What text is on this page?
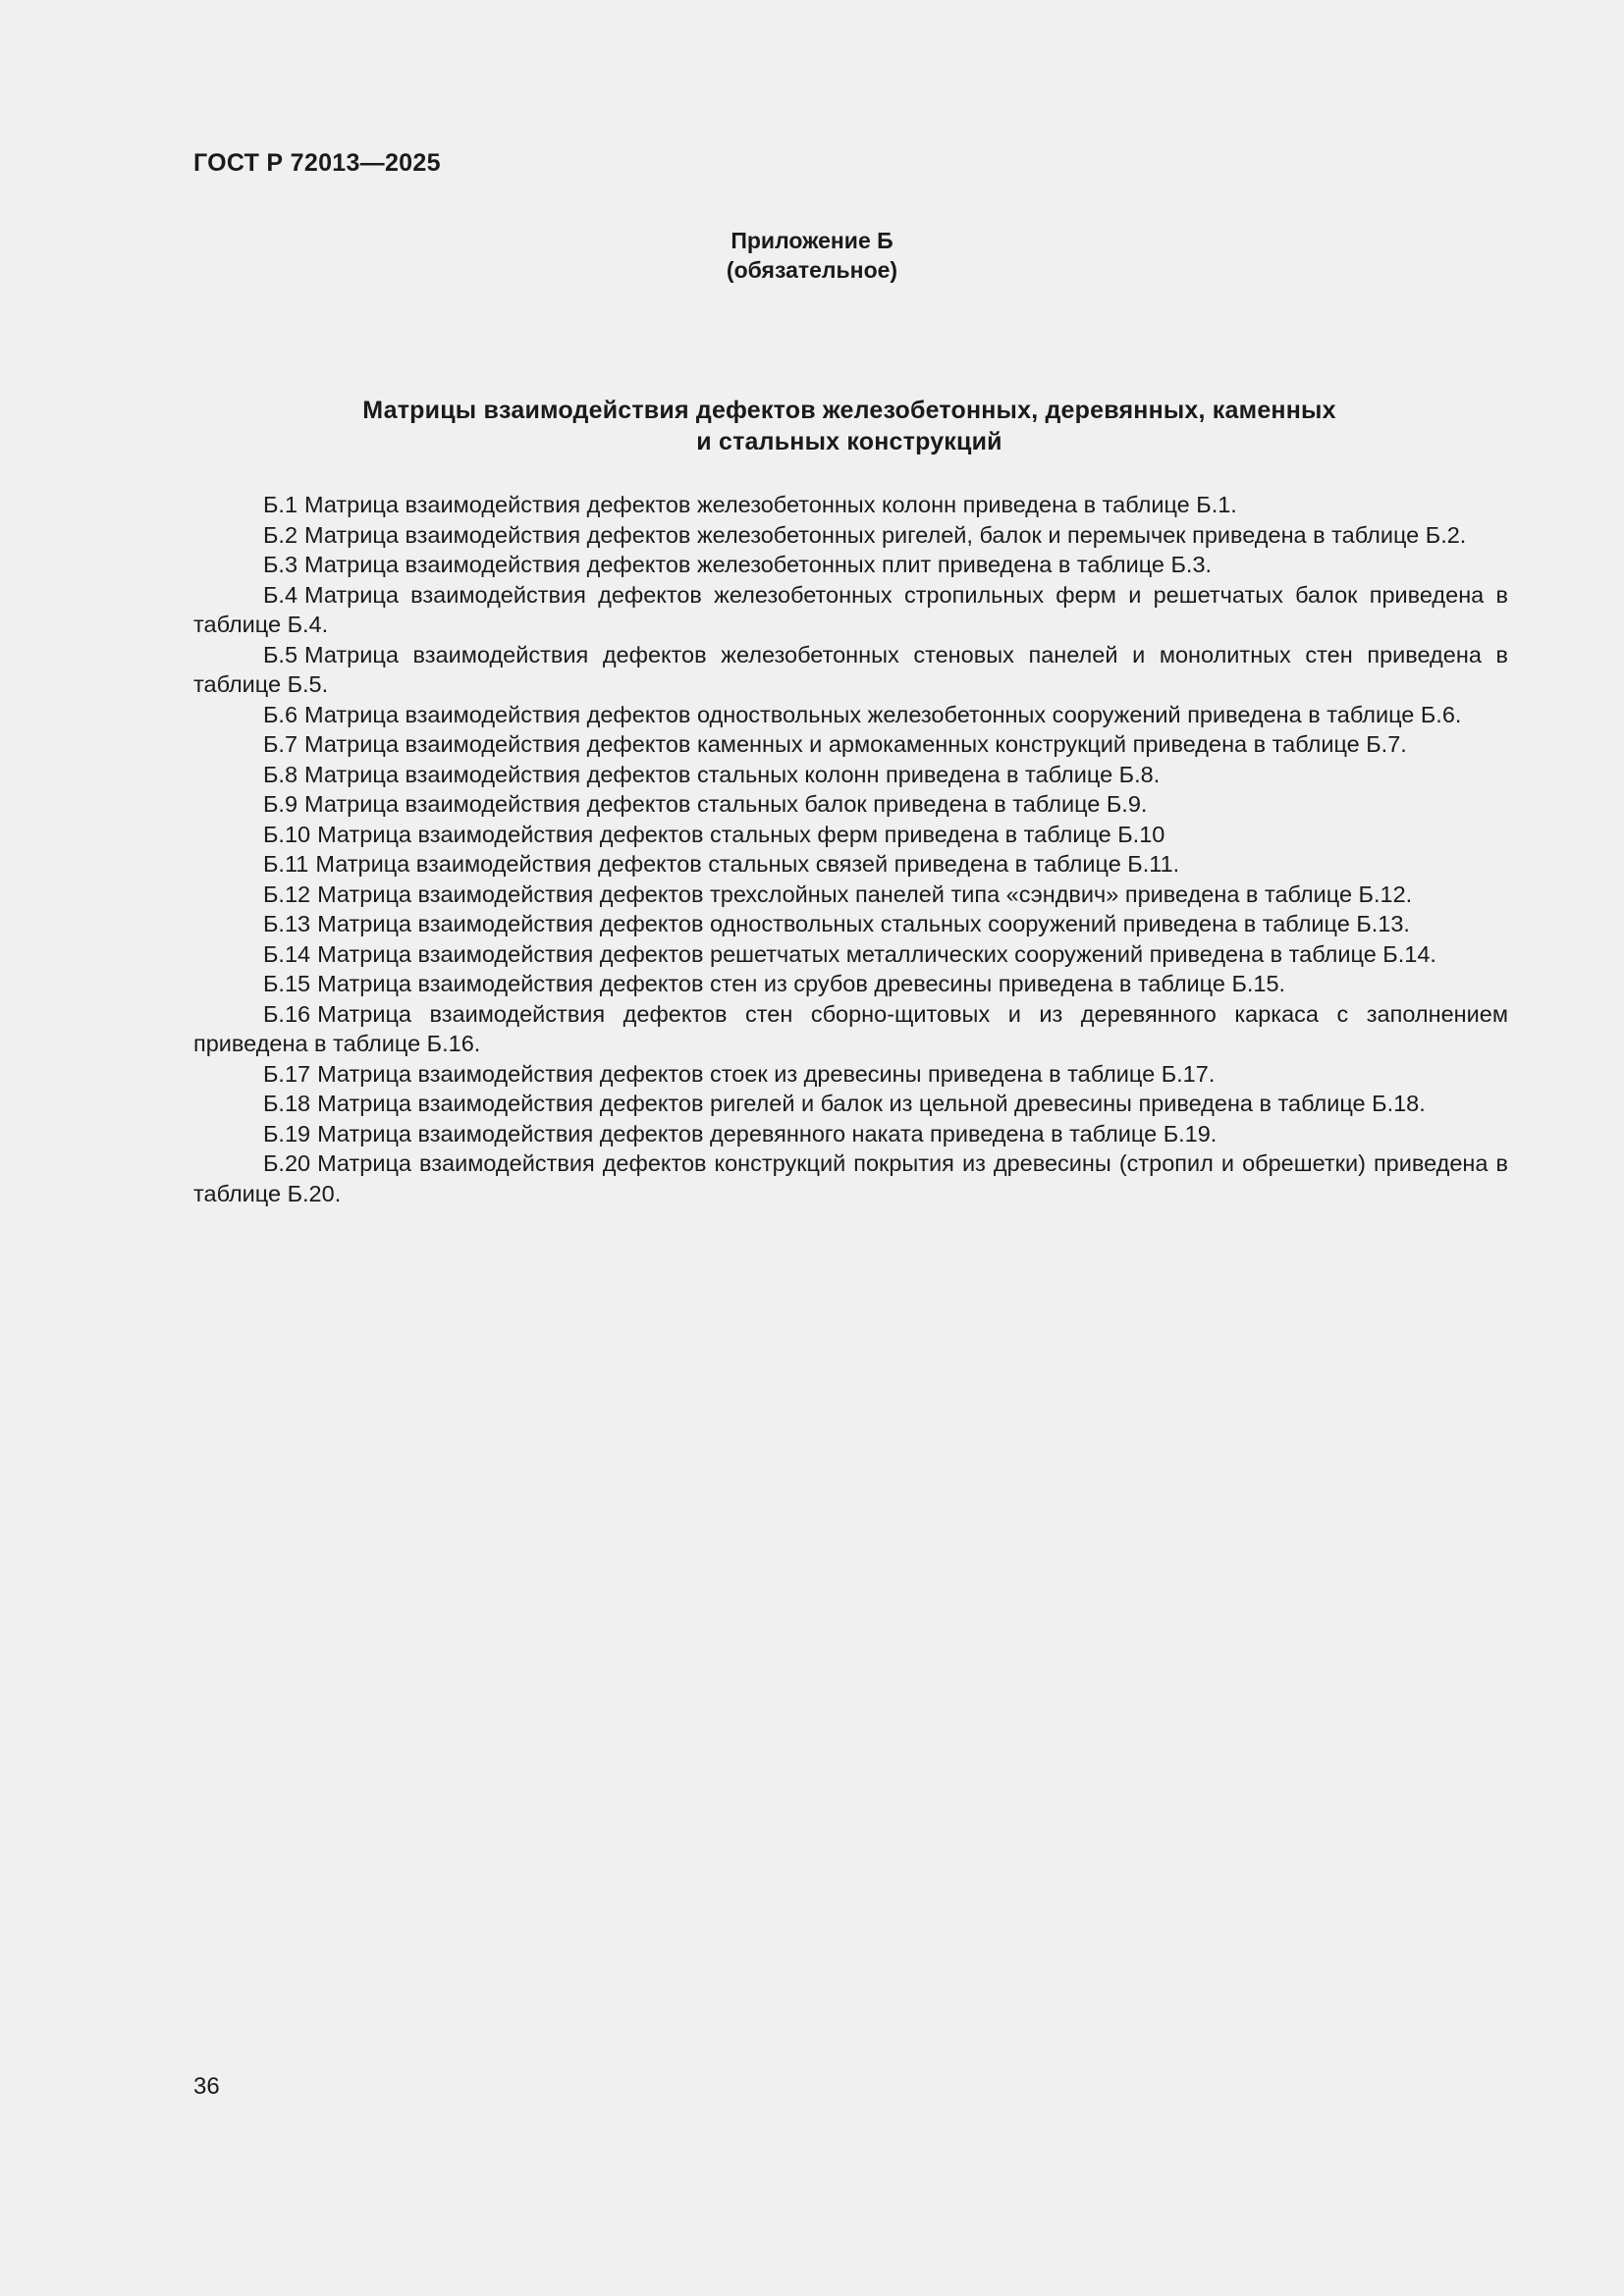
ГОСТ Р 72013—2025
Приложение Б
(обязательное)
Матрицы взаимодействия дефектов железобетонных, деревянных, каменных
и стальных конструкций

Б.1 Матрица взаимодействия дефектов железобетонных колонн приведена в таблице Б.1.

Б.2 Матрица взаимодействия дефектов железобетонных ригелей, балок и перемычек приведена в таблице Б.2.

Б.3 Матрица взаимодействия дефектов железобетонных плит приведена в таблице Б.3.

Б.4 Матрица взаимодействия дефектов железобетонных стропильных ферм и решетчатых балок приведена в таблице Б.4.

Б.5 Матрица взаимодействия дефектов железобетонных стеновых панелей и монолитных стен приведена в таблице Б.5.

Б.6 Матрица взаимодействия дефектов одноствольных железобетонных сооружений приведена в таблице Б.6.

Б.7 Матрица взаимодействия дефектов каменных и армокаменных конструкций приведена в таблице Б.7.

Б.8 Матрица взаимодействия дефектов стальных колонн приведена в таблице Б.8.

Б.9 Матрица взаимодействия дефектов стальных балок приведена в таблице Б.9.

Б.10 Матрица взаимодействия дефектов стальных ферм приведена в таблице Б.10

Б.11 Матрица взаимодействия дефектов стальных связей приведена в таблице Б.11.

Б.12 Матрица взаимодействия дефектов трехслойных панелей типа «сэндвич» приведена в таблице Б.12.

Б.13 Матрица взаимодействия дефектов одноствольных стальных сооружений приведена в таблице Б.13.

Б.14 Матрица взаимодействия дефектов решетчатых металлических сооружений приведена в таблице Б.14.

Б.15 Матрица взаимодействия дефектов стен из срубов древесины приведена в таблице Б.15.

Б.16 Матрица взаимодействия дефектов стен сборно-щитовых и из деревянного каркаса с заполнением приведена в таблице Б.16.

Б.17 Матрица взаимодействия дефектов стоек из древесины приведена в таблице Б.17.

Б.18 Матрица взаимодействия дефектов ригелей и балок из цельной древесины приведена в таблице Б.18.

Б.19 Матрица взаимодействия дефектов деревянного наката приведена в таблице Б.19.

Б.20 Матрица взаимодействия дефектов конструкций покрытия из древесины (стропил и обрешетки) приведена в таблице Б.20.

36
